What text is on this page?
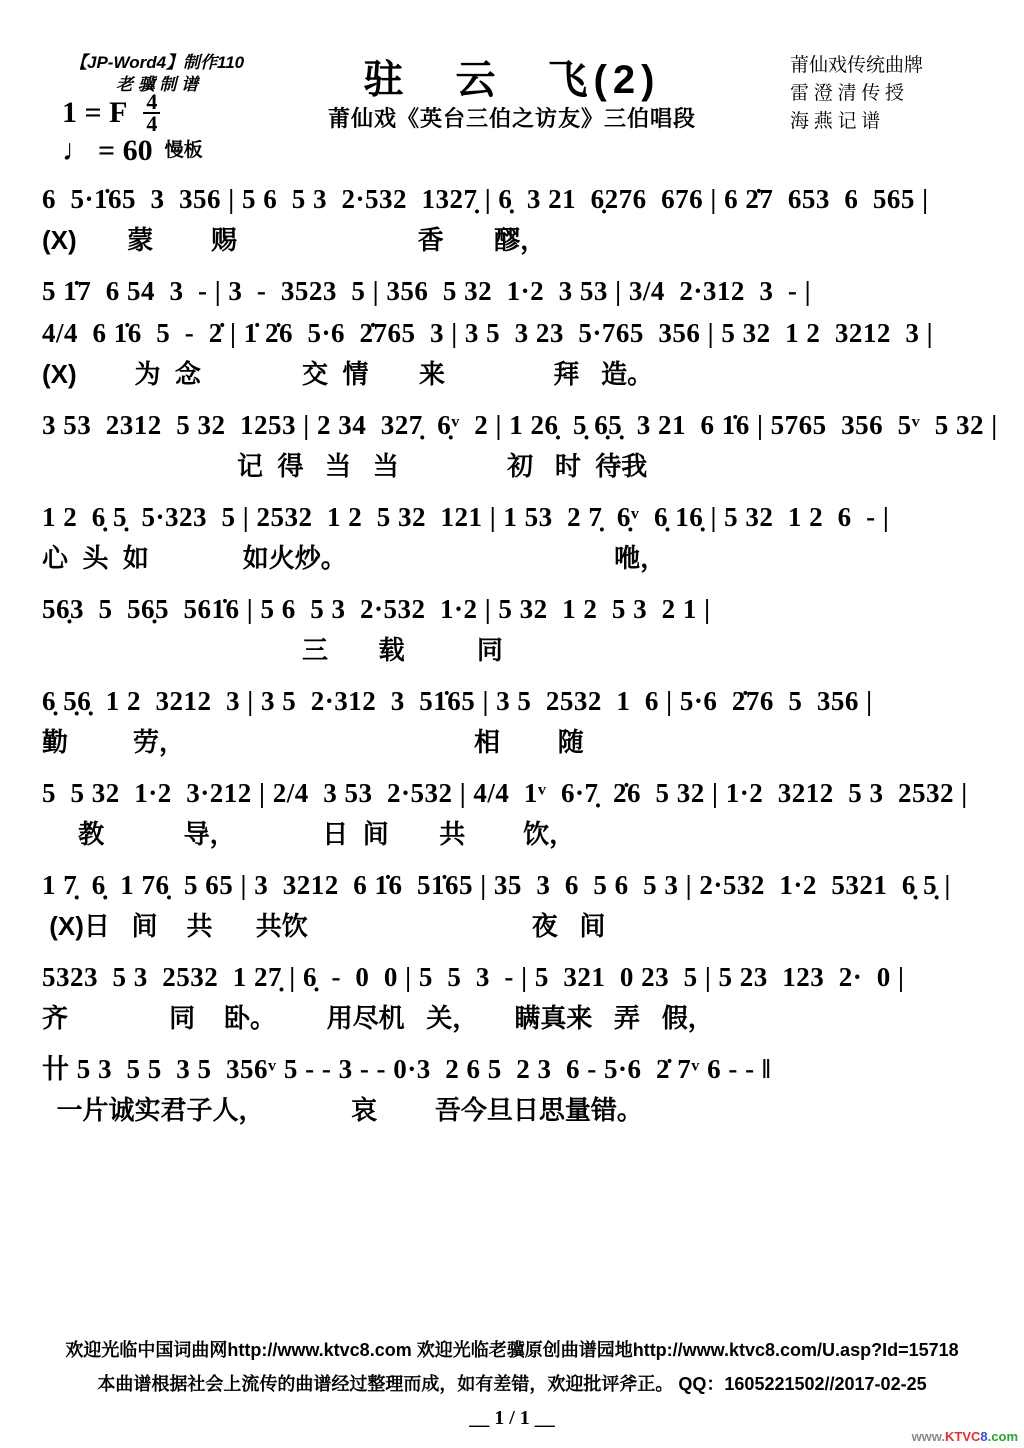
【JP-Word4】制作110
老 骥 制 谱
1 = F $\frac{4}{4}$
♩ = 60 慢板
驻　云　飞(2)
莆仙戏《英台三伯之访友》三伯唱段
莆仙戏传统曲牌
雷 澄 清 传 授
海 燕 记 谱
6  5·1̇65  3  356 | 5 6  5 3  2·532  1327̣ | 6̣  3 21  6̣276  676 | 6 2̇7  653  6  565 |
(X)       蒙        赐                         香       醪，
5 1̇7  6 54  3  - | 3  -  3523  5 | 356  5 32  1·2  3 53 | 3/4  2·312  3  - |
4/4  6 1̇6  5  -  2̇ | 1̇ 2̇6  5·6  2̇765  3 | 3 5  3 23  5·765  356 | 5 32  1 2  3212  3 |
(X)        为  念              交  情       来               拜   造。
3 53  2312  5 32  1253 | 2 34  327̣  6̣ᵛ  2 | 1 26̣  5̣ 6̣5̣  3 21  6 1̇6 | 5765  356  5ᵛ  5 32 |
记  得   当   当               初   时  待我
1 2  6̣ 5̣  5·323  5 | 2532  1 2  5 32  121 | 1 53  2 7̣  6̣ᵛ  6̣ 16̣ | 5 32  1 2  6  - |
心  头  如             如火炒。                                     咃，
56̣3  5  56̣5  561̇6 | 5 6  5 3  2·532  1·2 | 5 32  1 2  5 3  2 1 |
三       载          同
6̣ 5̣6̣  1 2  3212  3 | 3 5  2·312  3  51̇65 | 3 5  2532  1  6 | 5·6  2̇76  5  356 |
勤         劳，                                        相        随
5  5 32  1·2  3·212 | 2/4  3 53  2·532 | 4/4  1ᵛ  6·7̣  2̇6  5 32 | 1·2  3212  5 3  2532 |
教           导，            日  间       共        饮，
1 7̣  6̣  1 76̣  5 65 | 3  3212  6 1̇6  51̇65 | 35  3  6  5 6  5 3 | 2·532  1·2  5321  6̣ 5̣ |
(X)日   间    共      共饮                               夜   间
5323  5 3  2532  1 27̣ | 6̣  -  0  0 | 5  5  3  - | 5  321  0 23  5 | 5 23  123  2·  0 |
齐              同    卧。       用尽机   关，     瞒真来   弄   假，
卄 5 3  5 5  3 5  356ᵛ 5 - - 3 - - 0·3  2 6 5  2 3  6 - 5·6  2̇ 7ᵛ 6 - - ‖
一片诚实君子人，            哀        吾今旦日思量错。
欢迎光临中国词曲网http://www.ktvc8.com 欢迎光临老骥原创曲谱园地http://www.ktvc8.com/U.asp?Id=15718
本曲谱根据社会上流传的曲谱经过整理而成，如有差错，欢迎批评斧正。 QQ：1605221502//2017-02-25
__ 1 / 1 __
www.KTVC8.com
